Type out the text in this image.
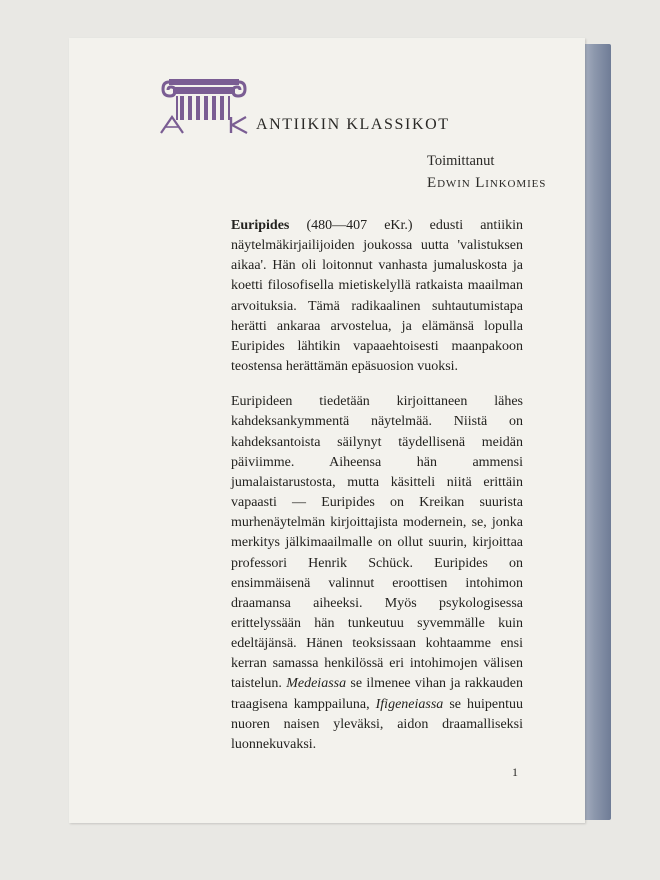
ANTIIKIN KLASSIKOT
Toimittanut
Edwin Linkomies

Euripides (480—407 eKr.) edusti antiikin näytelmäkirjailijoiden joukossa uutta 'valistuksen aikaa'. Hän oli loitonnut vanhasta jumaluskosta ja koetti filosofisella mietiskelyllä ratkaista maailman arvoituksia. Tämä radikaalinen suhtautumistapa herätti ankaraa arvostelua, ja elämänsä lopulla Euripides lähtikin vapaaehtoisesti maanpakoon teostensa herättämän epäsuosion vuoksi.

Euripideen tiedetään kirjoittaneen lähes kahdeksankymmentä näytelmää. Niistä on kahdeksantoista säilynyt täydellisenä meidän päiviimme. Aiheensa hän ammensi jumalaistarustosta, mutta käsitteli niitä erittäin vapaasti — Euripides on Kreikan suurista murhenäytelmän kirjoittajista modernein, se, jonka merkitys jälkimaailmalle on ollut suurin, kirjoittaa professori Henrik Schück. Euripides on ensimmäisenä valinnut eroottisen intohimon draamansa aiheeksi. Myös psykologisessa erittelyssään hän tunkeutuu syvemmälle kuin edeltäjänsä. Hänen teoksissaan kohtaamme ensi kerran samassa henkilössä eri intohimojen välisen taistelun. Medeiassa se ilmenee vihan ja rakkauden traagisena kamppailuna, Ifigeneiassa se huipentuu nuoren naisen yleväksi, aidon draamalliseksi luonnekuvaksi.

1
